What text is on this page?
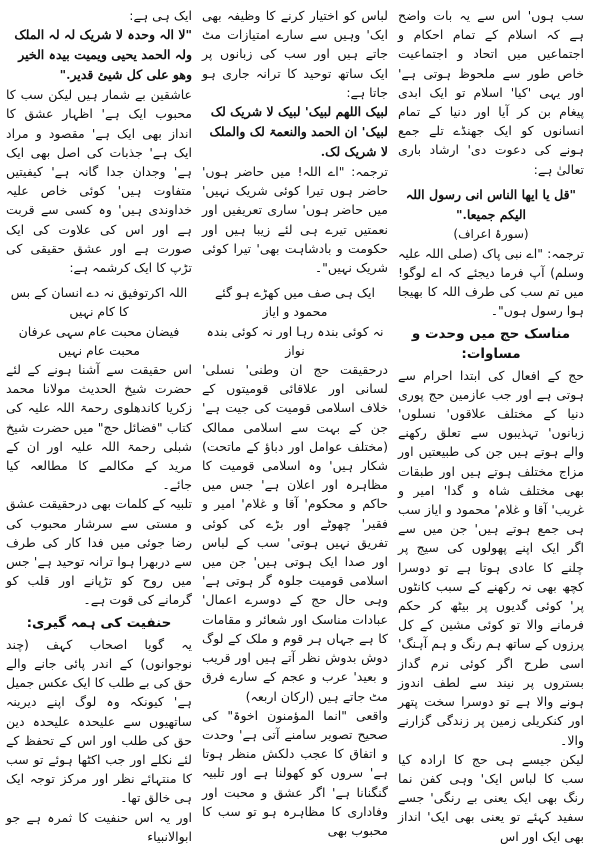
سب ہوں' اس سے یہ بات واضح ہے کہ اسلام کے تمام احکام و اجتماعیں میں اتحاد و اجتماعیت خاص طور سے ملحوظ ہوتی ہے' اور یہی 'کیا' اسلام تو ایک ابدی پیغام بن کر آیا اور دنیا کے تمام انسانوں کو ایک جھنڈے تلے جمع ہونے کی دعوت دی' ارشاد باری تعالیٰ ہے:

"قل یا ایھا الناس انی رسول اللہ الیکم جمیعا."

(سورۂ اعراف)

ترجمہ: "اے نبی پاک (صلی اللہ علیہ وسلم) آپ فرما دیجئے کہ اے لوگو! میں تم سب کی طرف اللہ کا بھیجا ہوا رسول ہوں"۔

مناسک حج میں وحدت و مساوات:

حج کے افعال کی ابتدا احرام سے ہوتی ہے اور جب عازمین حج پوری دنیا کے مختلف علاقوں' نسلوں' زبانوں' تہذیبوں سے تعلق رکھنے والے ہوتے ہیں جن کی طبیعتیں اور مزاج مختلف ہوتے ہیں اور طبقات بھی مختلف شاہ و گدا' امیر و غریب' آقا و غلام' محمود و ایاز سب ہی جمع ہوتے ہیں' جن میں سے اگر ایک اپنے پھولوں کی سیج پر چلنے کا عادی ہوتا ہے تو دوسرا کچھ بھی نہ رکھنے کے سبب کانٹوں پر' کوئی گدیوں پر بیٹھ کر حکم فرمانے والا تو کوئی مشین کے کل پرزوں کے ساتھ ہم رنگ و ہم آہنگ' اسی طرح اگر کوئی نرم گداز بستروں پر نیند سے لطف اندوز ہونے والا ہے تو دوسرا سخت پتھر اور کنکریلی زمین پر زندگی گزارنے والا۔

لیکن جیسے ہی حج کا ارادہ کیا سب کا لباس ایک' وہی کفن نما رنگ بھی ایک یعنی بے رنگی' جسے سفید کہئے تو یعنی بھی ایک' انداز بھی ایک اور اس

لباس کو اختیار کرنے کا وظیفہ بھی ایک' وہیں سے سارے امتیازات مٹ جاتے ہیں اور سب کی زبانوں پر ایک ساتھ توحید کا ترانہ جاری ہو جاتا ہے:

لبیک اللھم لبیک' لبیک لا شریک لک لبیک' ان الحمد والنعمۃ لک والملک لا شریک لک.

ترجمہ: "اے اللہ! میں حاضر ہوں' حاضر ہوں تیرا کوئی شریک نہیں' میں حاضر ہوں' ساری تعریفیں اور نعمتیں تیرے ہی لئے زیبا ہیں اور حکومت و بادشاہت بھی' تیرا کوئی شریک نہیں"۔

ایک ہی صف میں کھڑے ہو گئے محمود و ایاز

نہ کوئی بندہ رہا اور نہ کوئی بندہ نواز

درحقیقت حج ان وطنی' نسلی' لسانی اور علاقائی قومیتوں کے خلاف اسلامی قومیت کی جیت ہے' جن کے بہت سے اسلامی ممالک (مختلف عوامل اور دباؤ کے ماتحت) شکار ہیں' وہ اسلامی قومیت کا مظاہرہ اور اعلان ہے' جس میں حاکم و محکوم' آقا و غلام' امیر و فقیر' چھوٹے اور بڑے کی کوئی تفریق نہیں ہوتی' سب کے لباس اور صدا ایک ہوتی ہیں' جن میں اسلامی قومیت جلوہ گر ہوتی ہے' وہی حال حج کے دوسرے اعمال' عبادات مناسک اور شعائر و مقامات کا ہے جہاں ہر قوم و ملک کے لوگ دوش بدوش نظر آتے ہیں اور قریب و بعید' عرب و عجم کے سارے فرق مٹ جاتے ہیں (ارکان اربعہ)

واقعی "انما المؤمنون اخوۃ" کی صحیح تصویر سامنے آتی ہے' وحدت و اتفاق کا عجب دلکش منظر ہوتا ہے' سروں کو کھولنا ہے اور تلبیہ گنگنانا ہے' اگر عشق و محبت اور وفاداری کا مظاہرہ ہو تو سب کا محبوب بھی

ایک ہی ہے:

"لا الہ وحدہ لا شریک لہ لہ الملک ولہ الحمد یحیی ویمیت بیدہ الخیر وھو علی کل شیئ قدیر."

عاشقین بے شمار ہیں لیکن سب کا محبوب ایک ہے' اظہار عشق کا انداز بھی ایک ہے' مقصود و مراد ایک ہے' جذبات کی اصل بھی ایک ہے' وجدان جدا گانہ ہے' کیفیتیں متفاوت ہیں' کوئی خاص علیہ خداوندی ہیں' وہ کسی سے قربت ہے اور اس کی علاوت کی ایک صورت ہے اور عشق حقیقی کی تڑپ کا ایک کرشمہ ہے:

اللہ اکرتوفیق نہ دے انسان کے بس کا کام نہیں

فیضان محبت عام سہی عرفان محبت عام نہیں

اس حقیقت سے آشنا ہونے کے لئے حضرت شیخ الحدیث مولانا محمد زکریا کاندھلوی رحمۃ اللہ علیہ کی کتاب "فضائل حج" میں حضرت شیخ شبلی رحمۃ اللہ علیہ اور ان کے مرید کے مکالمے کا مطالعہ کیا جائے۔

تلبیہ کے کلمات بھی درحقیقت عشق و مستی سے سرشار محبوب کی رضا جوئی میں فدا کار کی طرف سے دربھرا ہوا ترانہ توحید ہے' جس میں روح کو تڑپانے اور قلب کو گرمانے کی قوت ہے۔

حنفیت کی ہمہ گیری:

یہ گویا اصحاب کہف (چند نوجوانوں) کے اندر پائی جانے والے حق کی بے طلب کا ایک عکس جمیل ہے' کیونکہ وہ لوگ اپنے دیرینہ ساتھیوں سے علیحدہ علیحدہ دین حق کی طلب اور اس کے تحفظ کے لئے نکلے اور جب اکٹھا ہوئے تو سب کا منتہائے نظر اور مرکز توجہ ایک ہی خالق تھا۔

اور یہ اس حنفیت کا ثمرہ ہے جو ابوالانبیاء
